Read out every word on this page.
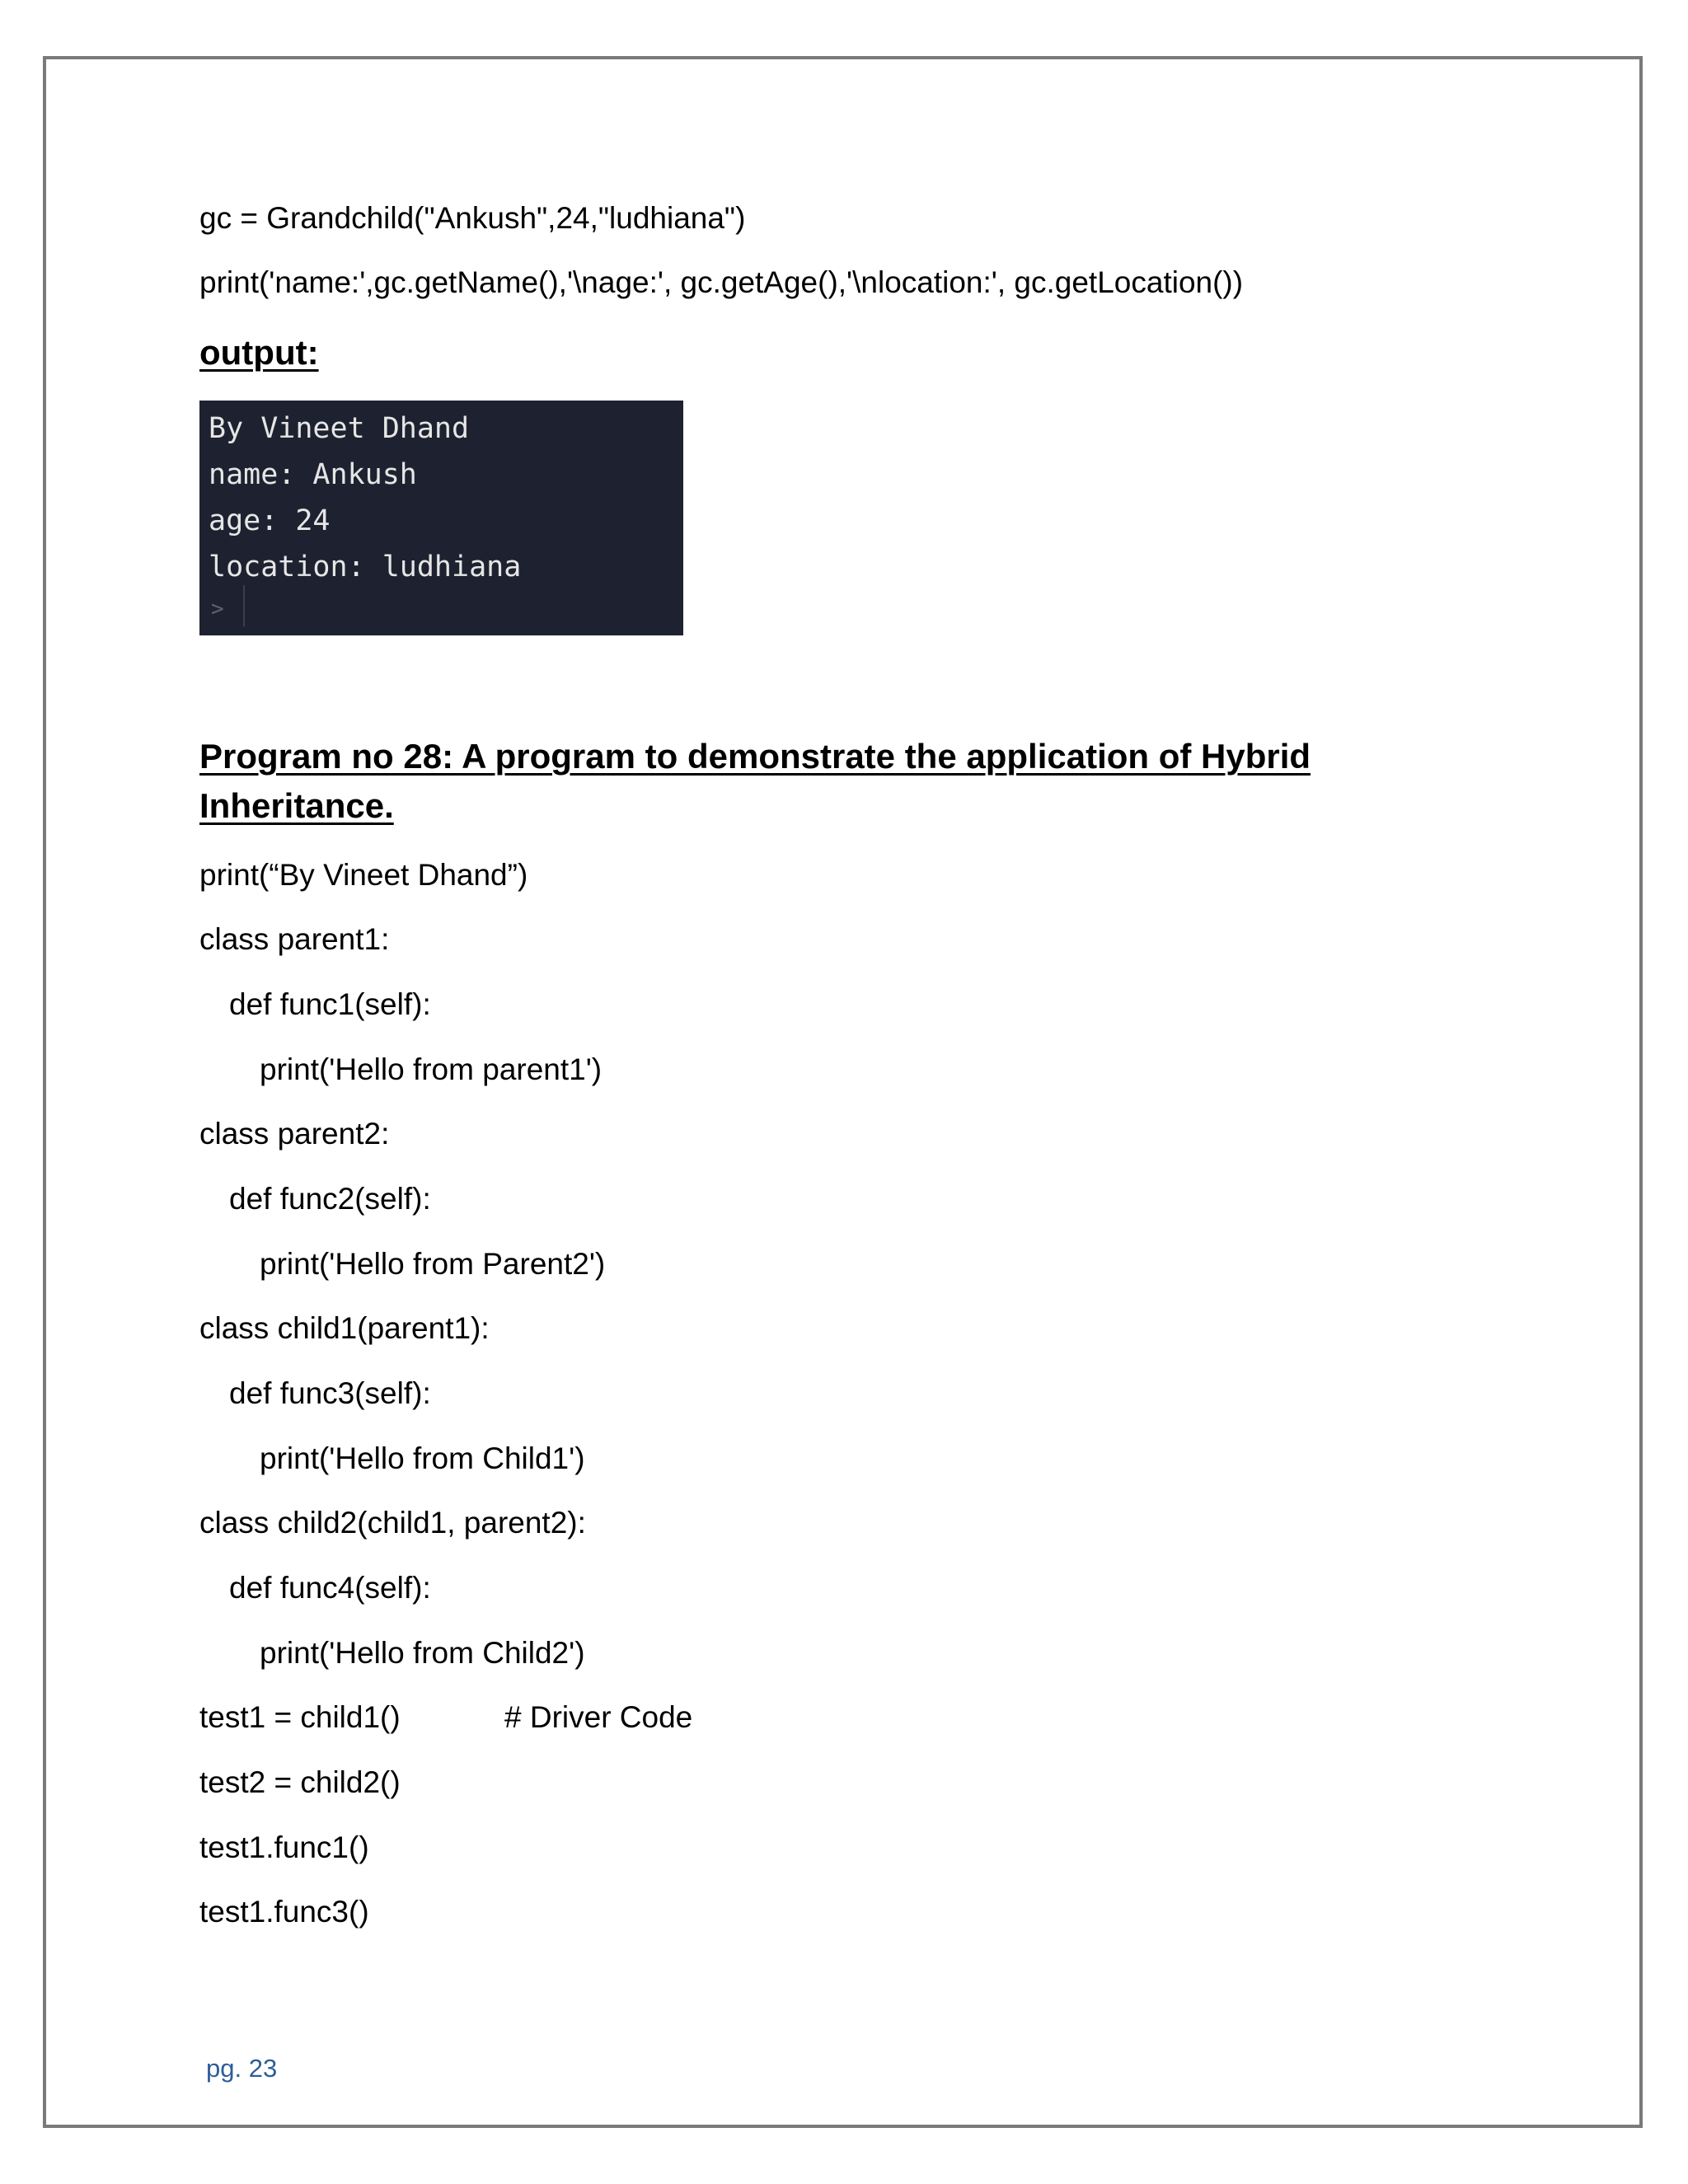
gc = Grandchild("Ankush",24,"ludhiana")
print('name:',gc.getName(),'\nage:', gc.getAge(),'\nlocation:', gc.getLocation())
output:
By Vineet Dhand
name: Ankush
age: 24
location: ludhiana
>
Program no 28: A program to demonstrate the application of Hybrid
Inheritance.
print(“By Vineet Dhand”)
class parent1:
def func1(self):
print('Hello from parent1')
class parent2:
def func2(self):
print('Hello from Parent2')
class child1(parent1):
def func3(self):
print('Hello from Child1')
class child2(child1, parent2):
def func4(self):
print('Hello from Child2')
test1 = child1()	# Driver Code
test2 = child2()
test1.func1()
test1.func3()
pg. 23
